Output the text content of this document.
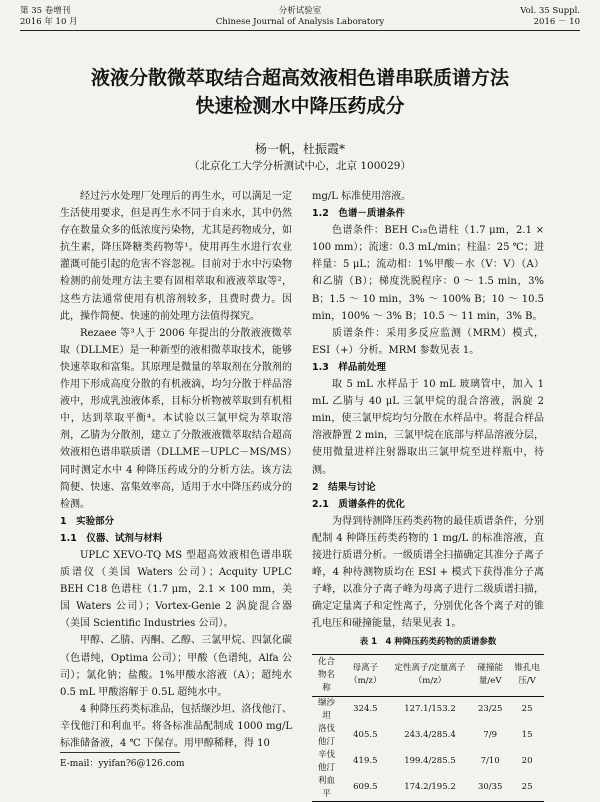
第 35 卷增刊
2016 年 10 月
分析试验室
Chinese Journal of Analysis Laboratory
Vol. 35 Suppl.
2016 － 10
液液分散微萃取结合超高效液相色谱串联质谱方法
快速检测水中降压药成分
杨一帆，杜振霞*
（北京化工大学分析测试中心，北京 100029）

经过污水处理厂处理后的再生水，可以满足一定生活使用要求，但是再生水不同于自来水，其中仍然存在数量众多的低浓度污染物，尤其是药物成分，如抗生素，降压降糖类药物等¹。使用再生水进行农业灌溉可能引起的危害不容忽视。目前对于水中污染物检测的前处理方法主要有固相萃取和液液萃取等²，这些方法通常使用有机溶剂较多，且费时费力。因此，操作简便、快速的前处理方法值得探究。

Rezaee 等³人于 2006 年提出的分散液液微萃取（DLLME）是一种新型的液相微萃取技术，能够快速萃取和富集。其原理是微量的萃取剂在分散剂的作用下形成高度分散的有机液滴，均匀分散于样品溶液中，形成乳浊液体系，目标分析物被萃取到有机相中，达到萃取平衡⁴。本试验以三氯甲烷为萃取溶剂，乙腈为分散剂，建立了分散液液微萃取结合超高效液相色谱串联质谱（DLLME－UPLC－MS/MS）同时测定水中 4 种降压药成分的分析方法。该方法简便、快速、富集效率高，适用于水中降压药成分的检测。

1　实验部分
1.1　仪器、试剂与材料

UPLC XEVO-TQ MS 型超高效液相色谱串联质谱仪（美国 Waters 公司）；Acquity UPLC BEH C18 色谱柱（1.7 μm，2.1 × 100 mm，美国 Waters 公司）；Vortex-Genie 2 涡旋混合器（美国 Scientific Industries 公司）。

甲醇、乙腈、丙酮、乙醇、三氯甲烷、四氯化碳（色谱纯，Optima 公司）；甲酸（色谱纯，Alfa 公司）；氯化钠；盐酸。1%甲酸水溶液（A）；超纯水 0.5 mL 甲酸溶解于 0.5L 超纯水中。

4 种降压药类标准品，包括缬沙坦、洛伐他汀、辛伐他汀和利血平。将各标准品配制成 1000 mg/L 标准储备液，4 ℃ 下保存。用甲醇稀释，得 10

mg/L 标准使用溶液。

1.2　色谱－质谱条件

色谱条件：BEH C₁₈色谱柱（1.7 μm，2.1 × 100 mm）；流速：0.3 mL/min；柱温：25 ℃；进样量：5 μL；流动相：1%甲酸－水（V：V）（A）和乙腈（B）；梯度洗脱程序：0 ～ 1.5 min，3% B；1.5 ～ 10 min，3% ～ 100% B；10 ～ 10.5 min，100% ～ 3% B；10.5 ～ 11 min，3% B。

质谱条件：采用多反应监测（MRM）模式，ESI（+）分析。MRM 参数见表 1。

1.3　样品前处理

取 5 mL 水样品于 10 mL 玻璃管中，加入 1 mL 乙腈与 40 μL 三氯甲烷的混合溶液，涡旋 2 min，使三氯甲烷均匀分散在水样品中。将混合样品溶液静置 2 min，三氯甲烷在底部与样品溶液分层，使用微量进样注射器取出三氯甲烷至进样瓶中，待测。

2　结果与讨论
2.1　质谱条件的优化

为得到待测降压药类药物的最佳质谱条件，分别配制 4 种降压药类药物的 1 mg/L 的标准溶液，直接进行质谱分析。一级质谱全扫描确定其准分子离子峰，4 种待测物质均在 ESI + 模式下获得准分子离子峰，以准分子离子峰为母离子进行二级质谱扫描，确定定量离子和定性离子，分别优化各个离子对的锥孔电压和碰撞能量，结果见表 1。

表 1　4 种降压药类药物的质谱参数
化合物名称	母离子（m/z）	定性离子/定量离子（m/z）	碰撞能量/eV	锥孔电压/V
缬沙坦	324.5	127.1/153.2	23/25	25
洛伐他汀	405.5	243.4/285.4	7/9	15
辛伐他汀	419.5	199.4/285.5	7/10	20
利血平	609.5	174.2/195.2	30/35	25
E-mail：yyifan?6@126.com
